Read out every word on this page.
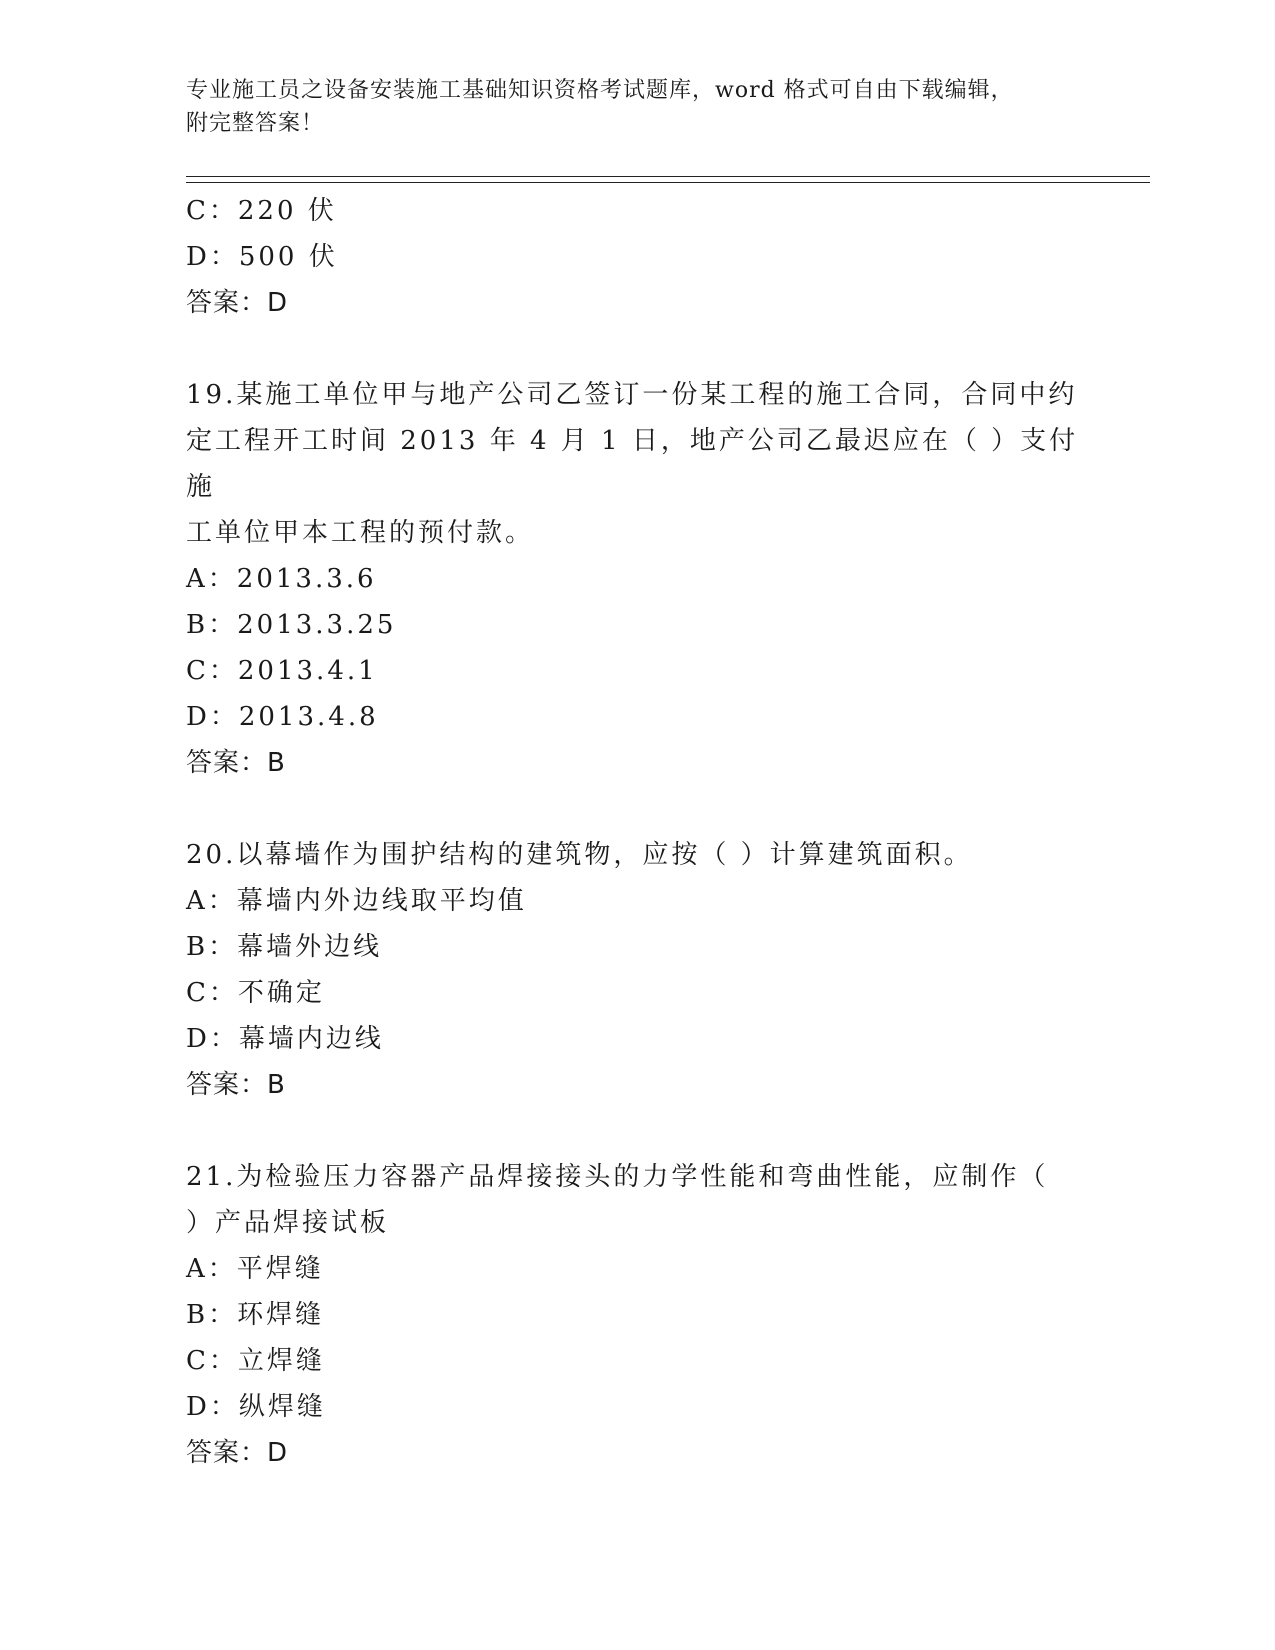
专业施工员之设备安装施工基础知识资格考试题库，word 格式可自由下载编辑，
附完整答案！
C：220 伏
D：500 伏
答案：D
19.某施工单位甲与地产公司乙签订一份某工程的施工合同，合同中约
定工程开工时间 2013 年 4 月 1 日，地产公司乙最迟应在（ ）支付施
工单位甲本工程的预付款。
A：2013.3.6
B：2013.3.25
C：2013.4.1
D：2013.4.8
答案：B
20.以幕墙作为围护结构的建筑物，应按（ ）计算建筑面积。
A：幕墙内外边线取平均值
B：幕墙外边线
C：不确定
D：幕墙内边线
答案：B
21.为检验压力容器产品焊接接头的力学性能和弯曲性能，应制作（
）产品焊接试板
A：平焊缝
B：环焊缝
C：立焊缝
D：纵焊缝
答案：D
